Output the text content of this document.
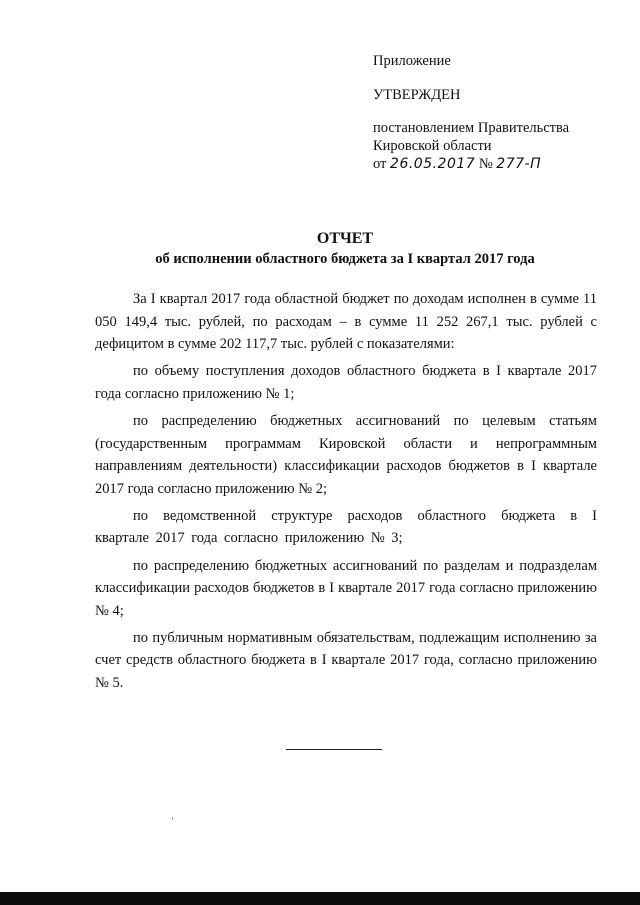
Приложение
УТВЕРЖДЕН
постановлением Правительства
Кировской области
от 26.05.2017 № 277-П
ОТЧЕТ
об исполнении областного бюджета за I квартал 2017 года

За I квартал 2017 года областной бюджет по доходам исполнен в сумме 11 050 149,4 тыс. рублей, по расходам – в сумме 11 252 267,1 тыс. рублей с дефицитом в сумме 202 117,7 тыс. рублей с показателями:

по объему поступления доходов областного бюджета в I квартале 2017 года согласно приложению № 1;

по распределению бюджетных ассигнований по целевым статьям (государственным программам Кировской области и непрограммным направлениям деятельности) классификации расходов бюджетов в I квартале 2017 года согласно приложению № 2;

по ведомственной структуре расходов областного бюджета в I квартале 2017 года согласно приложению № 3;

по распределению бюджетных ассигнований по разделам и подразделам классификации расходов бюджетов в I квартале 2017 года согласно приложению № 4;

по публичным нормативным обязательствам, подлежащим исполнению за счет средств областного бюджета в I квартале 2017 года, согласно приложению № 5.
